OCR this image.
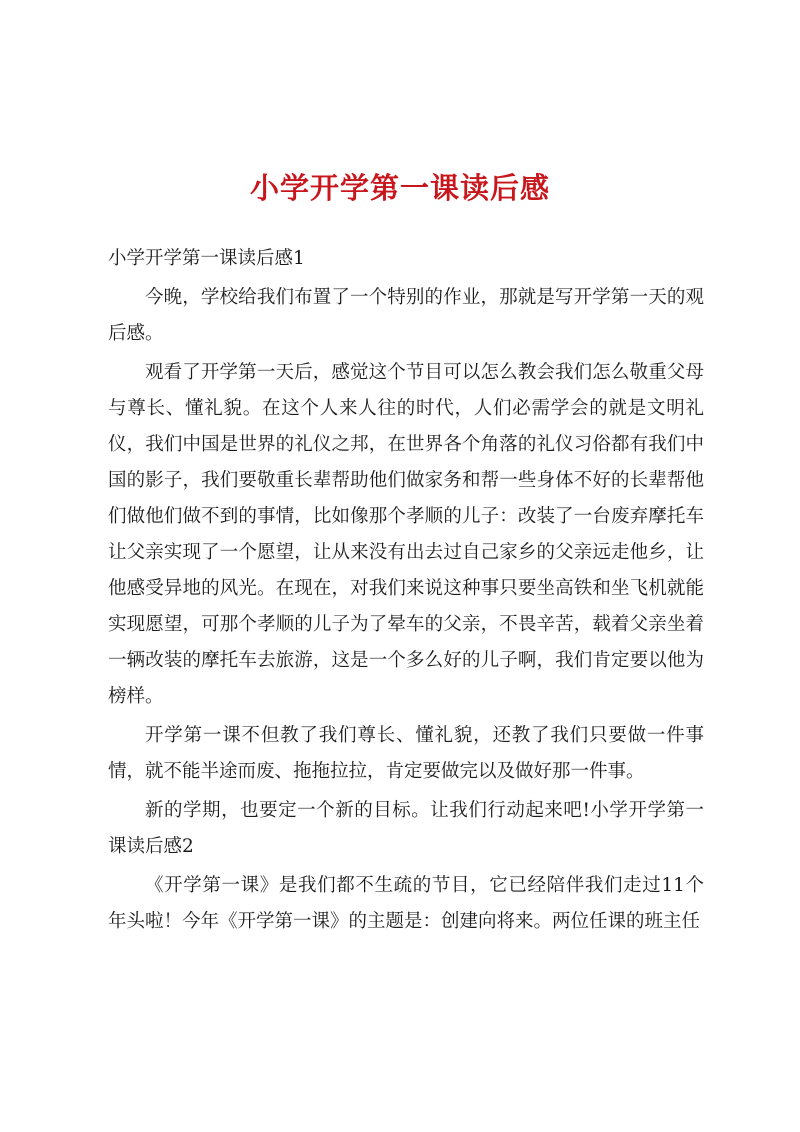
小学开学第一课读后感

小学开学第一课读后感1

今晚，学校给我们布置了一个特别的作业，那就是写开学第一天的观后感。

观看了开学第一天后，感觉这个节目可以怎么教会我们怎么敬重父母与尊长、懂礼貌。在这个人来人往的时代，人们必需学会的就是文明礼仪，我们中国是世界的礼仪之邦，在世界各个角落的礼仪习俗都有我们中国的影子，我们要敬重长辈帮助他们做家务和帮一些身体不好的长辈帮他们做他们做不到的事情，比如像那个孝顺的儿子：改装了一台废弃摩托车让父亲实现了一个愿望，让从来没有出去过自己家乡的父亲远走他乡，让他感受异地的风光。在现在，对我们来说这种事只要坐高铁和坐飞机就能实现愿望，可那个孝顺的儿子为了晕车的父亲，不畏辛苦，载着父亲坐着一辆改装的摩托车去旅游，这是一个多么好的儿子啊，我们肯定要以他为榜样。

开学第一课不但教了我们尊长、懂礼貌，还教了我们只要做一件事情，就不能半途而废、拖拖拉拉，肯定要做完以及做好那一件事。

新的学期，也要定一个新的目标。让我们行动起来吧!小学开学第一课读后感2

《开学第一课》是我们都不生疏的节目，它已经陪伴我们走过11个年头啦！今年《开学第一课》的主题是：创建向将来。两位任课的班主任
